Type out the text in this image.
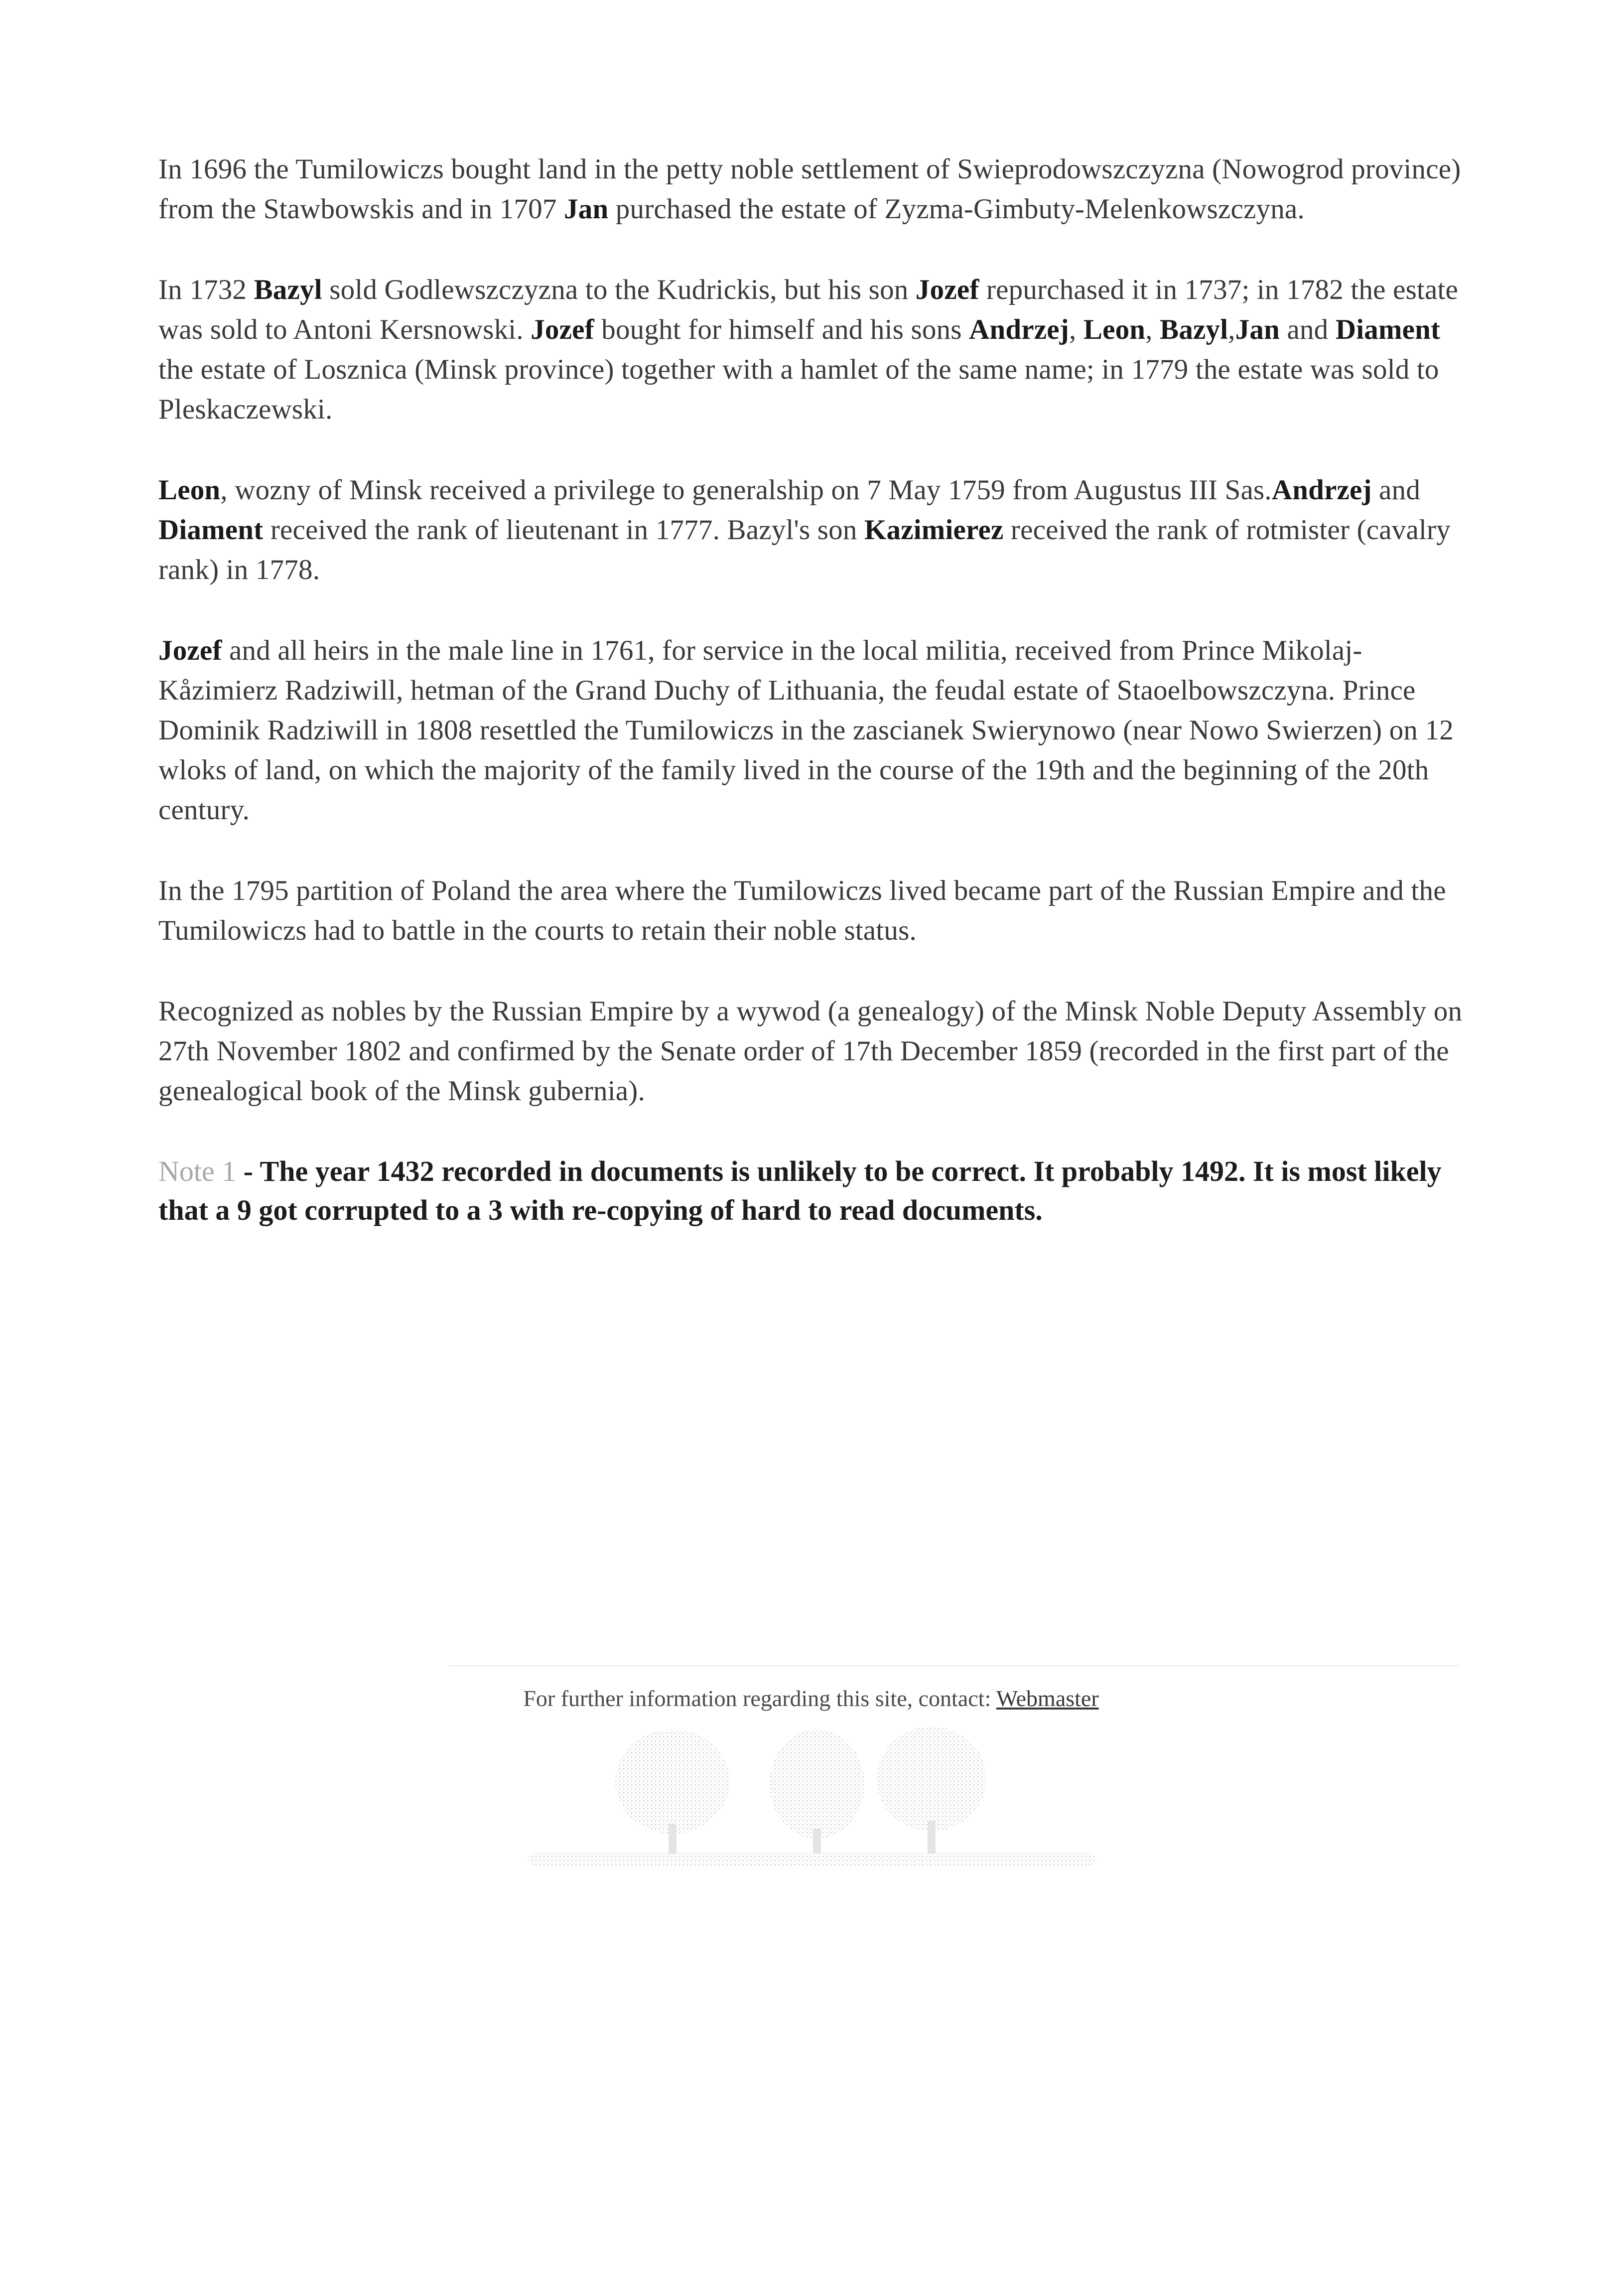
In 1696 the Tumilowiczs bought land in the petty noble settlement of Swieprodowszczyzna (Nowogrod province) from the Stawbowskis and in 1707 Jan purchased the estate of Zyzma-Gimbuty-Melenkowszczyna.

In 1732 Bazyl sold Godlewszczyzna to the Kudrickis, but his son Jozef repurchased it in 1737; in 1782 the estate was sold to Antoni Kersnowski. Jozef bought for himself and his sons Andrzej, Leon, Bazyl,Jan and Diament the estate of Losznica (Minsk province) together with a hamlet of the same name; in 1779 the estate was sold to Pleskaczewski.

Leon, wozny of Minsk received a privilege to generalship on 7 May 1759 from Augustus III Sas.Andrzej and Diament received the rank of lieutenant in 1777. Bazyl's son Kazimierez received the rank of rotmister (cavalry rank) in 1778.

Jozef and all heirs in the male line in 1761, for service in the local militia, received from Prince Mikolaj-Kåzimierz Radziwill, hetman of the Grand Duchy of Lithuania, the feudal estate of Staoelbowszczyna. Prince Dominik Radziwill in 1808 resettled the Tumilowiczs in the zascianek Swierynowo (near Nowo Swierzen) on 12 wloks of land, on which the majority of the family lived in the course of the 19th and the beginning of the 20th century.

In the 1795 partition of Poland the area where the Tumilowiczs lived became part of the Russian Empire and the Tumilowiczs had to battle in the courts to retain their noble status.

Recognized as nobles by the Russian Empire by a wywod (a genealogy) of the Minsk Noble Deputy Assembly on 27th November 1802 and confirmed by the Senate order of 17th December 1859 (recorded in the first part of the genealogical book of the Minsk gubernia).

Note 1 - The year 1432 recorded in documents is unlikely to be correct. It probably 1492. It is most likely that a 9 got corrupted to a 3 with re-copying of hard to read documents.

For further information regarding this site, contact: Webmaster
